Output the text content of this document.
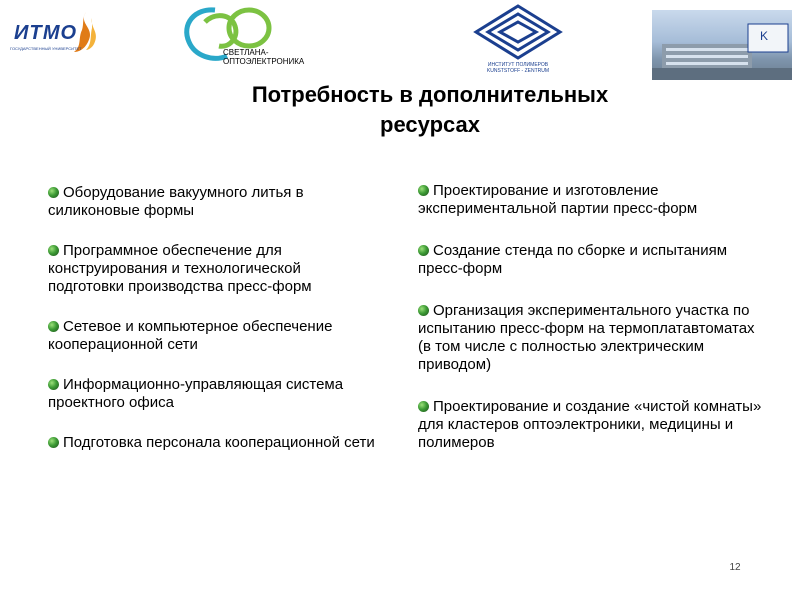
ИТМО
ГОСУДАРСТВЕННЫЙ УНИВЕРСИТЕТ	СВЕТЛАНА-
ОПТОЭЛЕКТРОНИКА	ИНСТИТУТ ПОЛИМЕРОВ
KUNSTSTOFF - ZENTRUM
K
Потребность в дополнительных
ресурсах
Оборудование вакуумного литья в силиконовые формы
Программное обеспечение для конструирования и технологической подготовки производства пресс-форм
Сетевое и компьютерное обеспечение кооперационной сети
Информационно-управляющая система проектного офиса
Подготовка персонала кооперационной сети
Проектирование и изготовление экспериментальной партии пресс-форм
Создание стенда по сборке и испытаниям пресс-форм
Организация экспериментального участка по испытанию пресс-форм на термоплатавтоматах (в том числе с полностью электрическим приводом)
Проектирование и создание «чистой комнаты» для кластеров оптоэлектроники, медицины и полимеров
12
